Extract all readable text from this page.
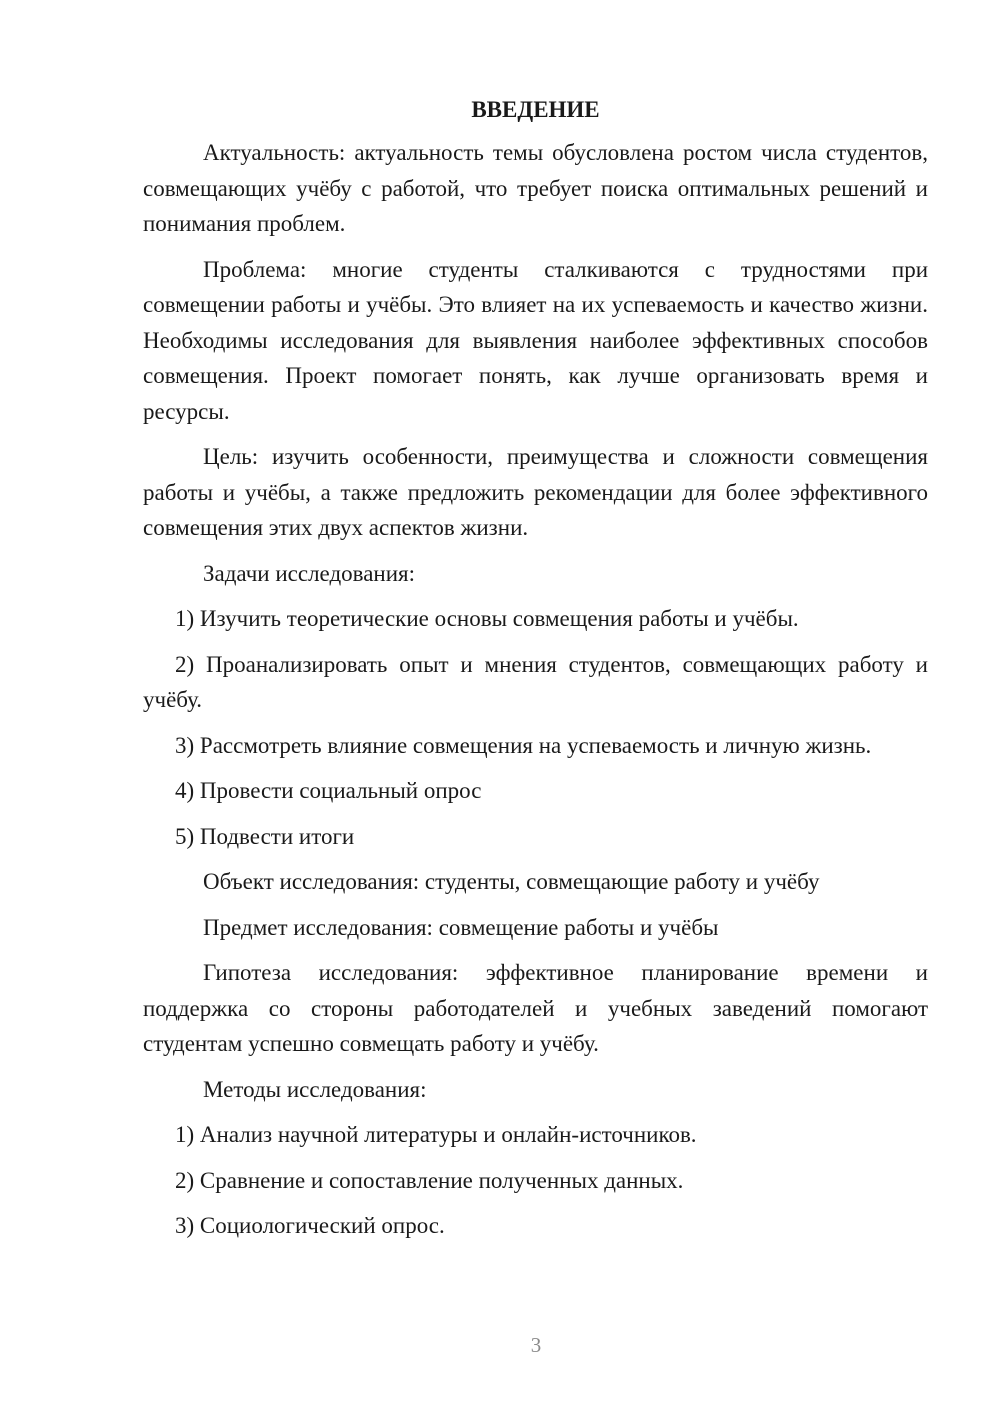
ВВЕДЕНИЕ

Актуальность: актуальность темы обусловлена ростом числа студентов, совмещающих учёбу с работой, что требует поиска оптимальных решений и понимания проблем.

Проблема: многие студенты сталкиваются с трудностями при совмещении работы и учёбы. Это влияет на их успеваемость и качество жизни. Необходимы исследования для выявления наиболее эффективных способов совмещения. Проект помогает понять, как лучше организовать время и ресурсы.

Цель: изучить особенности, преимущества и сложности совмещения работы и учёбы, а также предложить рекомендации для более эффективного совмещения этих двух аспектов жизни.

Задачи исследования:

1) Изучить теоретические основы совмещения работы и учёбы.

2) Проанализировать опыт и мнения студентов, совмещающих работу и учёбу.

3) Рассмотреть влияние совмещения на успеваемость и личную жизнь.

4) Провести социальный опрос

5) Подвести итоги

Объект исследования: студенты, совмещающие работу и учёбу

Предмет исследования: совмещение работы и учёбы

Гипотеза исследования: эффективное планирование времени и поддержка со стороны работодателей и учебных заведений помогают студентам успешно совмещать работу и учёбу.

Методы исследования:

1) Анализ научной литературы и онлайн-источников.

2) Сравнение и сопоставление полученных данных.

3) Социологический опрос.

3
